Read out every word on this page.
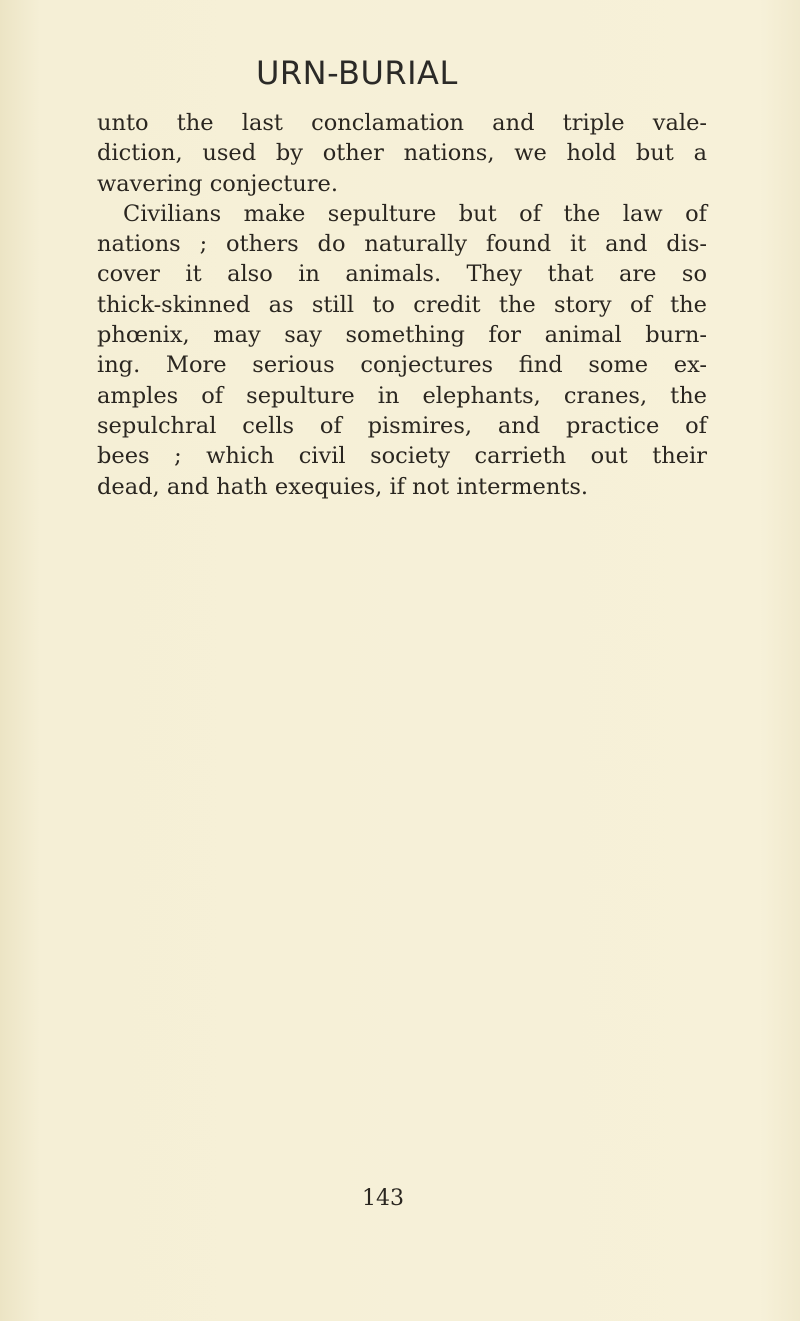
URN-BURIAL
unto the last conclamation and triple vale-
diction, used by other nations, we hold but a
wavering conjecture.
Civilians make sepulture but of the law of
nations ; others do naturally found it and dis-
cover it also in animals. They that are so
thick-skinned as still to credit the story of the
phœnix, may say something for animal burn-
ing. More serious conjectures find some ex-
amples of sepulture in elephants, cranes, the
sepulchral cells of pismires, and practice of
bees ; which civil society carrieth out their
dead, and hath exequies, if not interments.
143
